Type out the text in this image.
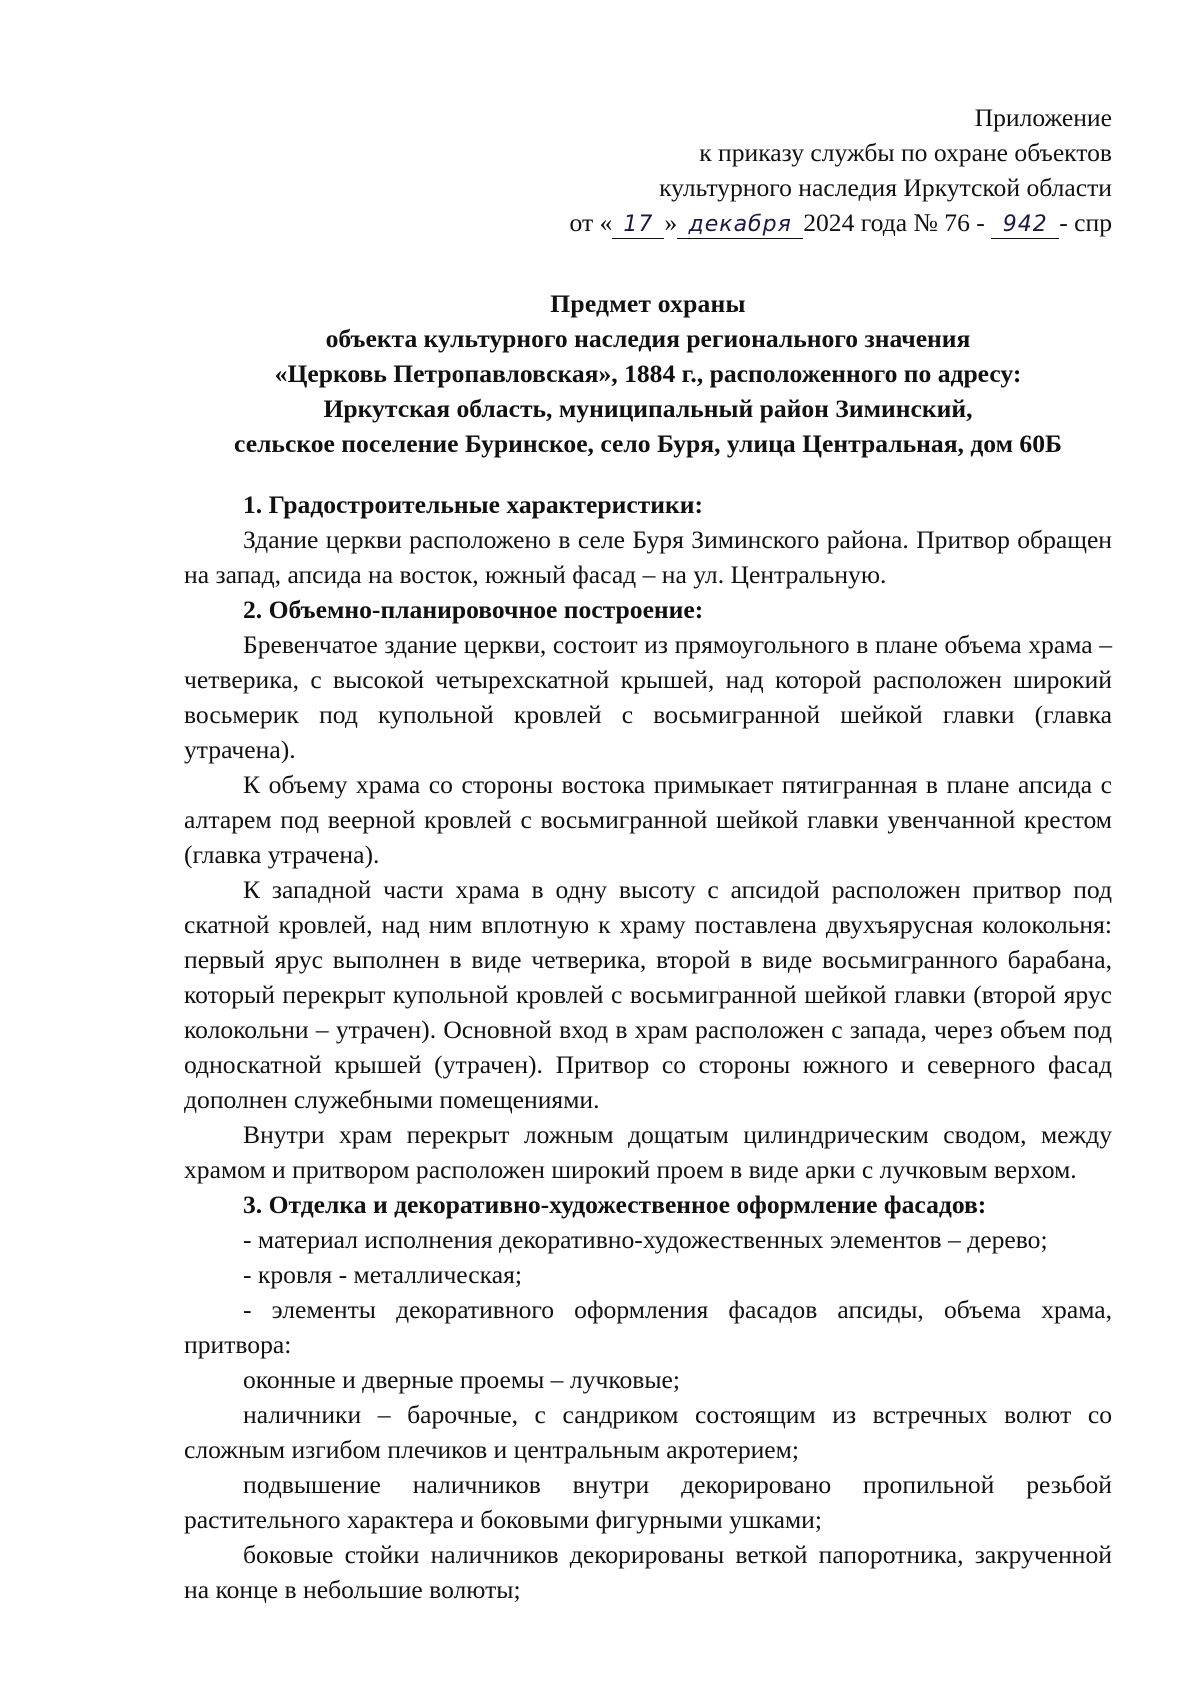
Приложение
к приказу службы по охране объектов
культурного наследия Иркутской области
от « 17 » декабря 2024 года № 76 - 942 - спр
Предмет охраны
объекта культурного наследия регионального значения
«Церковь Петропавловская», 1884 г., расположенного по адресу:
Иркутская область, муниципальный район Зиминский,
сельское поселение Буринское, село Буря, улица Центральная, дом 60Б

1. Градостроительные характеристики:

Здание церкви расположено в селе Буря Зиминского района. Притвор обращен на запад, апсида на восток, южный фасад – на ул. Центральную.

2. Объемно-планировочное построение:

Бревенчатое здание церкви, состоит из прямоугольного в плане объема храма – четверика, с высокой четырехскатной крышей, над которой расположен широкий восьмерик под купольной кровлей с восьмигранной шейкой главки (главка утрачена).

К объему храма со стороны востока примыкает пятигранная в плане апсида с алтарем под веерной кровлей с восьмигранной шейкой главки увенчанной крестом (главка утрачена).

К западной части храма в одну высоту с апсидой расположен притвор под скатной кровлей, над ним вплотную к храму поставлена двухъярусная колокольня: первый ярус выполнен в виде четверика, второй в виде восьмигранного барабана, который перекрыт купольной кровлей с восьмигранной шейкой главки (второй ярус колокольни – утрачен). Основной вход в храм расположен с запада, через объем под односкатной крышей (утрачен). Притвор со стороны южного и северного фасад дополнен служебными помещениями.

Внутри храм перекрыт ложным дощатым цилиндрическим сводом, между храмом и притвором расположен широкий проем в виде арки с лучковым верхом.

3. Отделка и декоративно-художественное оформление фасадов:

- материал исполнения декоративно-художественных элементов – дерево;

- кровля - металлическая;

- элементы декоративного оформления фасадов апсиды, объема храма, притвора:

оконные и дверные проемы – лучковые;

наличники – барочные, с сандриком состоящим из встречных волют со сложным изгибом плечиков и центральным акротерием;

подвышение наличников внутри декорировано пропильной резьбой растительного характера и боковыми фигурными ушками;

боковые стойки наличников декорированы веткой папоротника, закрученной на конце в небольшие волюты;
